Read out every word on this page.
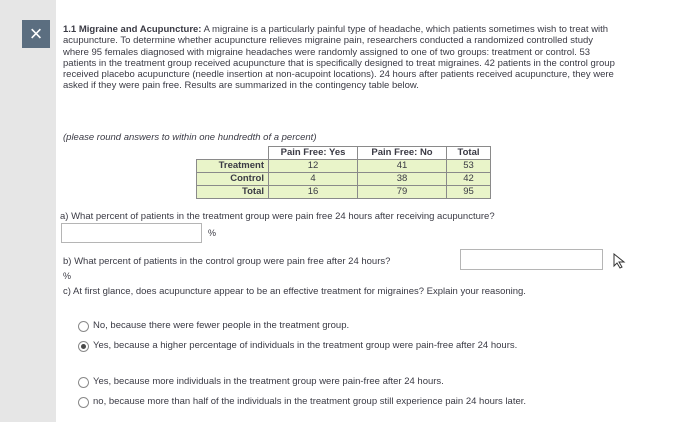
×	1.1 Migraine and Acupuncture: A migraine is a particularly painful type of headache, which patients sometimes wish to treat with acupuncture. To determine whether acupuncture relieves migraine pain, researchers conducted a randomized controlled study where 95 females diagnosed with migraine headaches were randomly assigned to one of two groups: treatment or control. 53 patients in the treatment group received acupuncture that is specifically designed to treat migraines. 42 patients in the control group received placebo acupuncture (needle insertion at non-acupoint locations). 24 hours after patients received acupuncture, they were asked if they were pain free. Results are summarized in the contingency table below.
(please round answers to within one hundredth of a percent)
	Pain Free: Yes	Pain Free: No	Total
Treatment	12	41	53
Control	4	38	42
Total	16	79	95
a) What percent of patients in the treatment group were pain free 24 hours after receiving acupuncture?
%
b) What percent of patients in the control group were pain free after 24 hours?
%
c) At first glance, does acupuncture appear to be an effective treatment for migraines? Explain your reasoning.
No, because there were fewer people in the treatment group.
Yes, because a higher percentage of individuals in the treatment group were pain-free after 24 hours.
Yes, because more individuals in the treatment group were pain-free after 24 hours.
no, because more than half of the individuals in the treatment group still experience pain 24 hours later.
